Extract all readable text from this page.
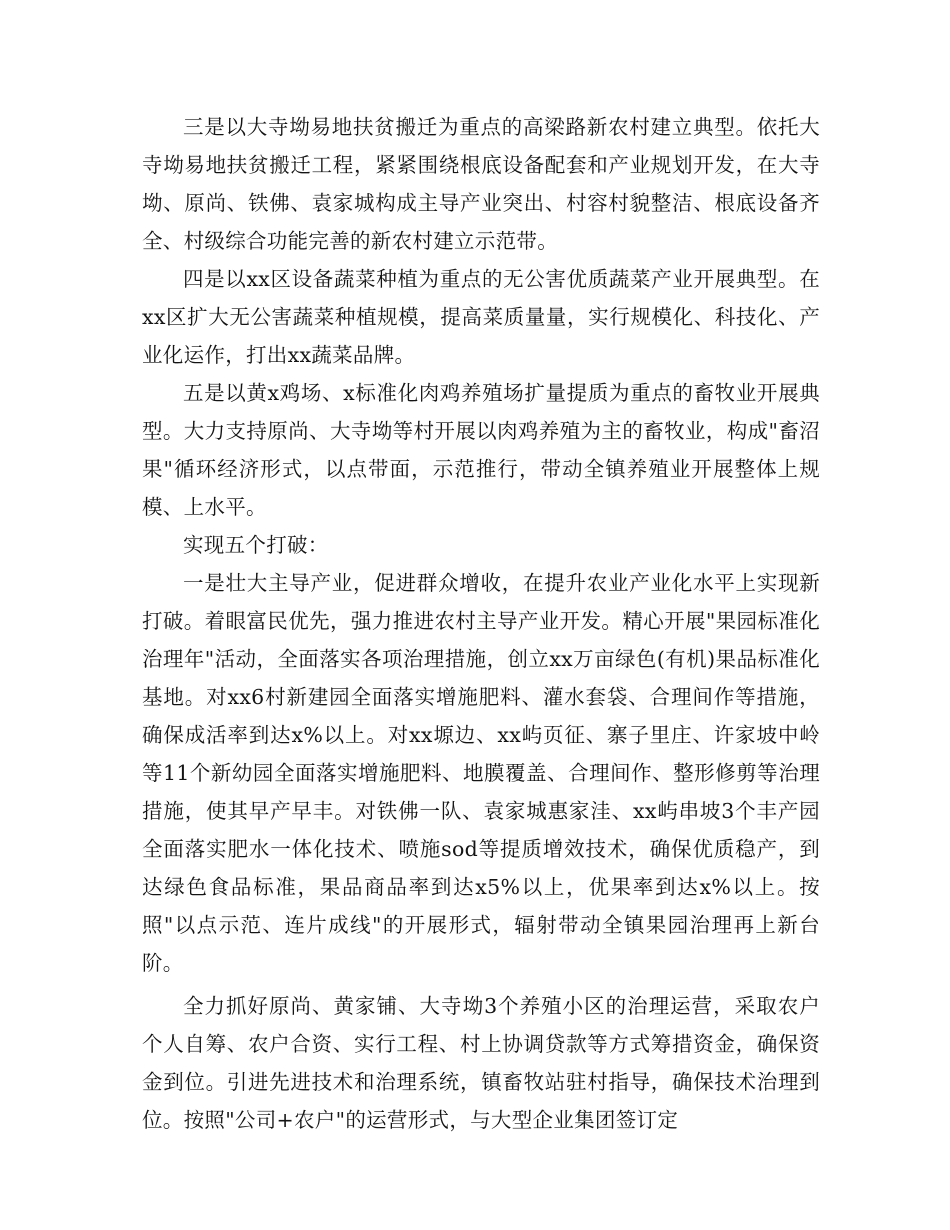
三是以大寺坳易地扶贫搬迁为重点的高梁路新农村建立典型。依托大寺坳易地扶贫搬迁工程，紧紧围绕根底设备配套和产业规划开发，在大寺坳、原尚、铁佛、袁家城构成主导产业突出、村容村貌整洁、根底设备齐全、村级综合功能完善的新农村建立示范带。

四是以xx区设备蔬菜种植为重点的无公害优质蔬菜产业开展典型。在xx区扩大无公害蔬菜种植规模，提高菜质量量，实行规模化、科技化、产业化运作，打出xx蔬菜品牌。

五是以黄x鸡场、x标准化肉鸡养殖场扩量提质为重点的畜牧业开展典型。大力支持原尚、大寺坳等村开展以肉鸡养殖为主的畜牧业，构成"畜沼果"循环经济形式，以点带面，示范推行，带动全镇养殖业开展整体上规模、上水平。

实现五个打破：

一是壮大主导产业，促进群众增收，在提升农业产业化水平上实现新打破。着眼富民优先，强力推进农村主导产业开发。精心开展"果园标准化治理年"活动，全面落实各项治理措施，创立xx万亩绿色(有机)果品标准化基地。对xx6村新建园全面落实增施肥料、灌水套袋、合理间作等措施，确保成活率到达x%以上。对xx塬边、xx屿页征、寨子里庄、许家坡中岭等11个新幼园全面落实增施肥料、地膜覆盖、合理间作、整形修剪等治理措施，使其早产早丰。对铁佛一队、袁家城惠家洼、xx屿串坡3个丰产园全面落实肥水一体化技术、喷施sod等提质增效技术，确保优质稳产，到达绿色食品标准，果品商品率到达x5%以上，优果率到达x%以上。按照"以点示范、连片成线"的开展形式，辐射带动全镇果园治理再上新台阶。

全力抓好原尚、黄家铺、大寺坳3个养殖小区的治理运营，采取农户个人自筹、农户合资、实行工程、村上协调贷款等方式筹措资金，确保资金到位。引进先进技术和治理系统，镇畜牧站驻村指导，确保技术治理到位。按照"公司+农户"的运营形式，与大型企业集团签订定
